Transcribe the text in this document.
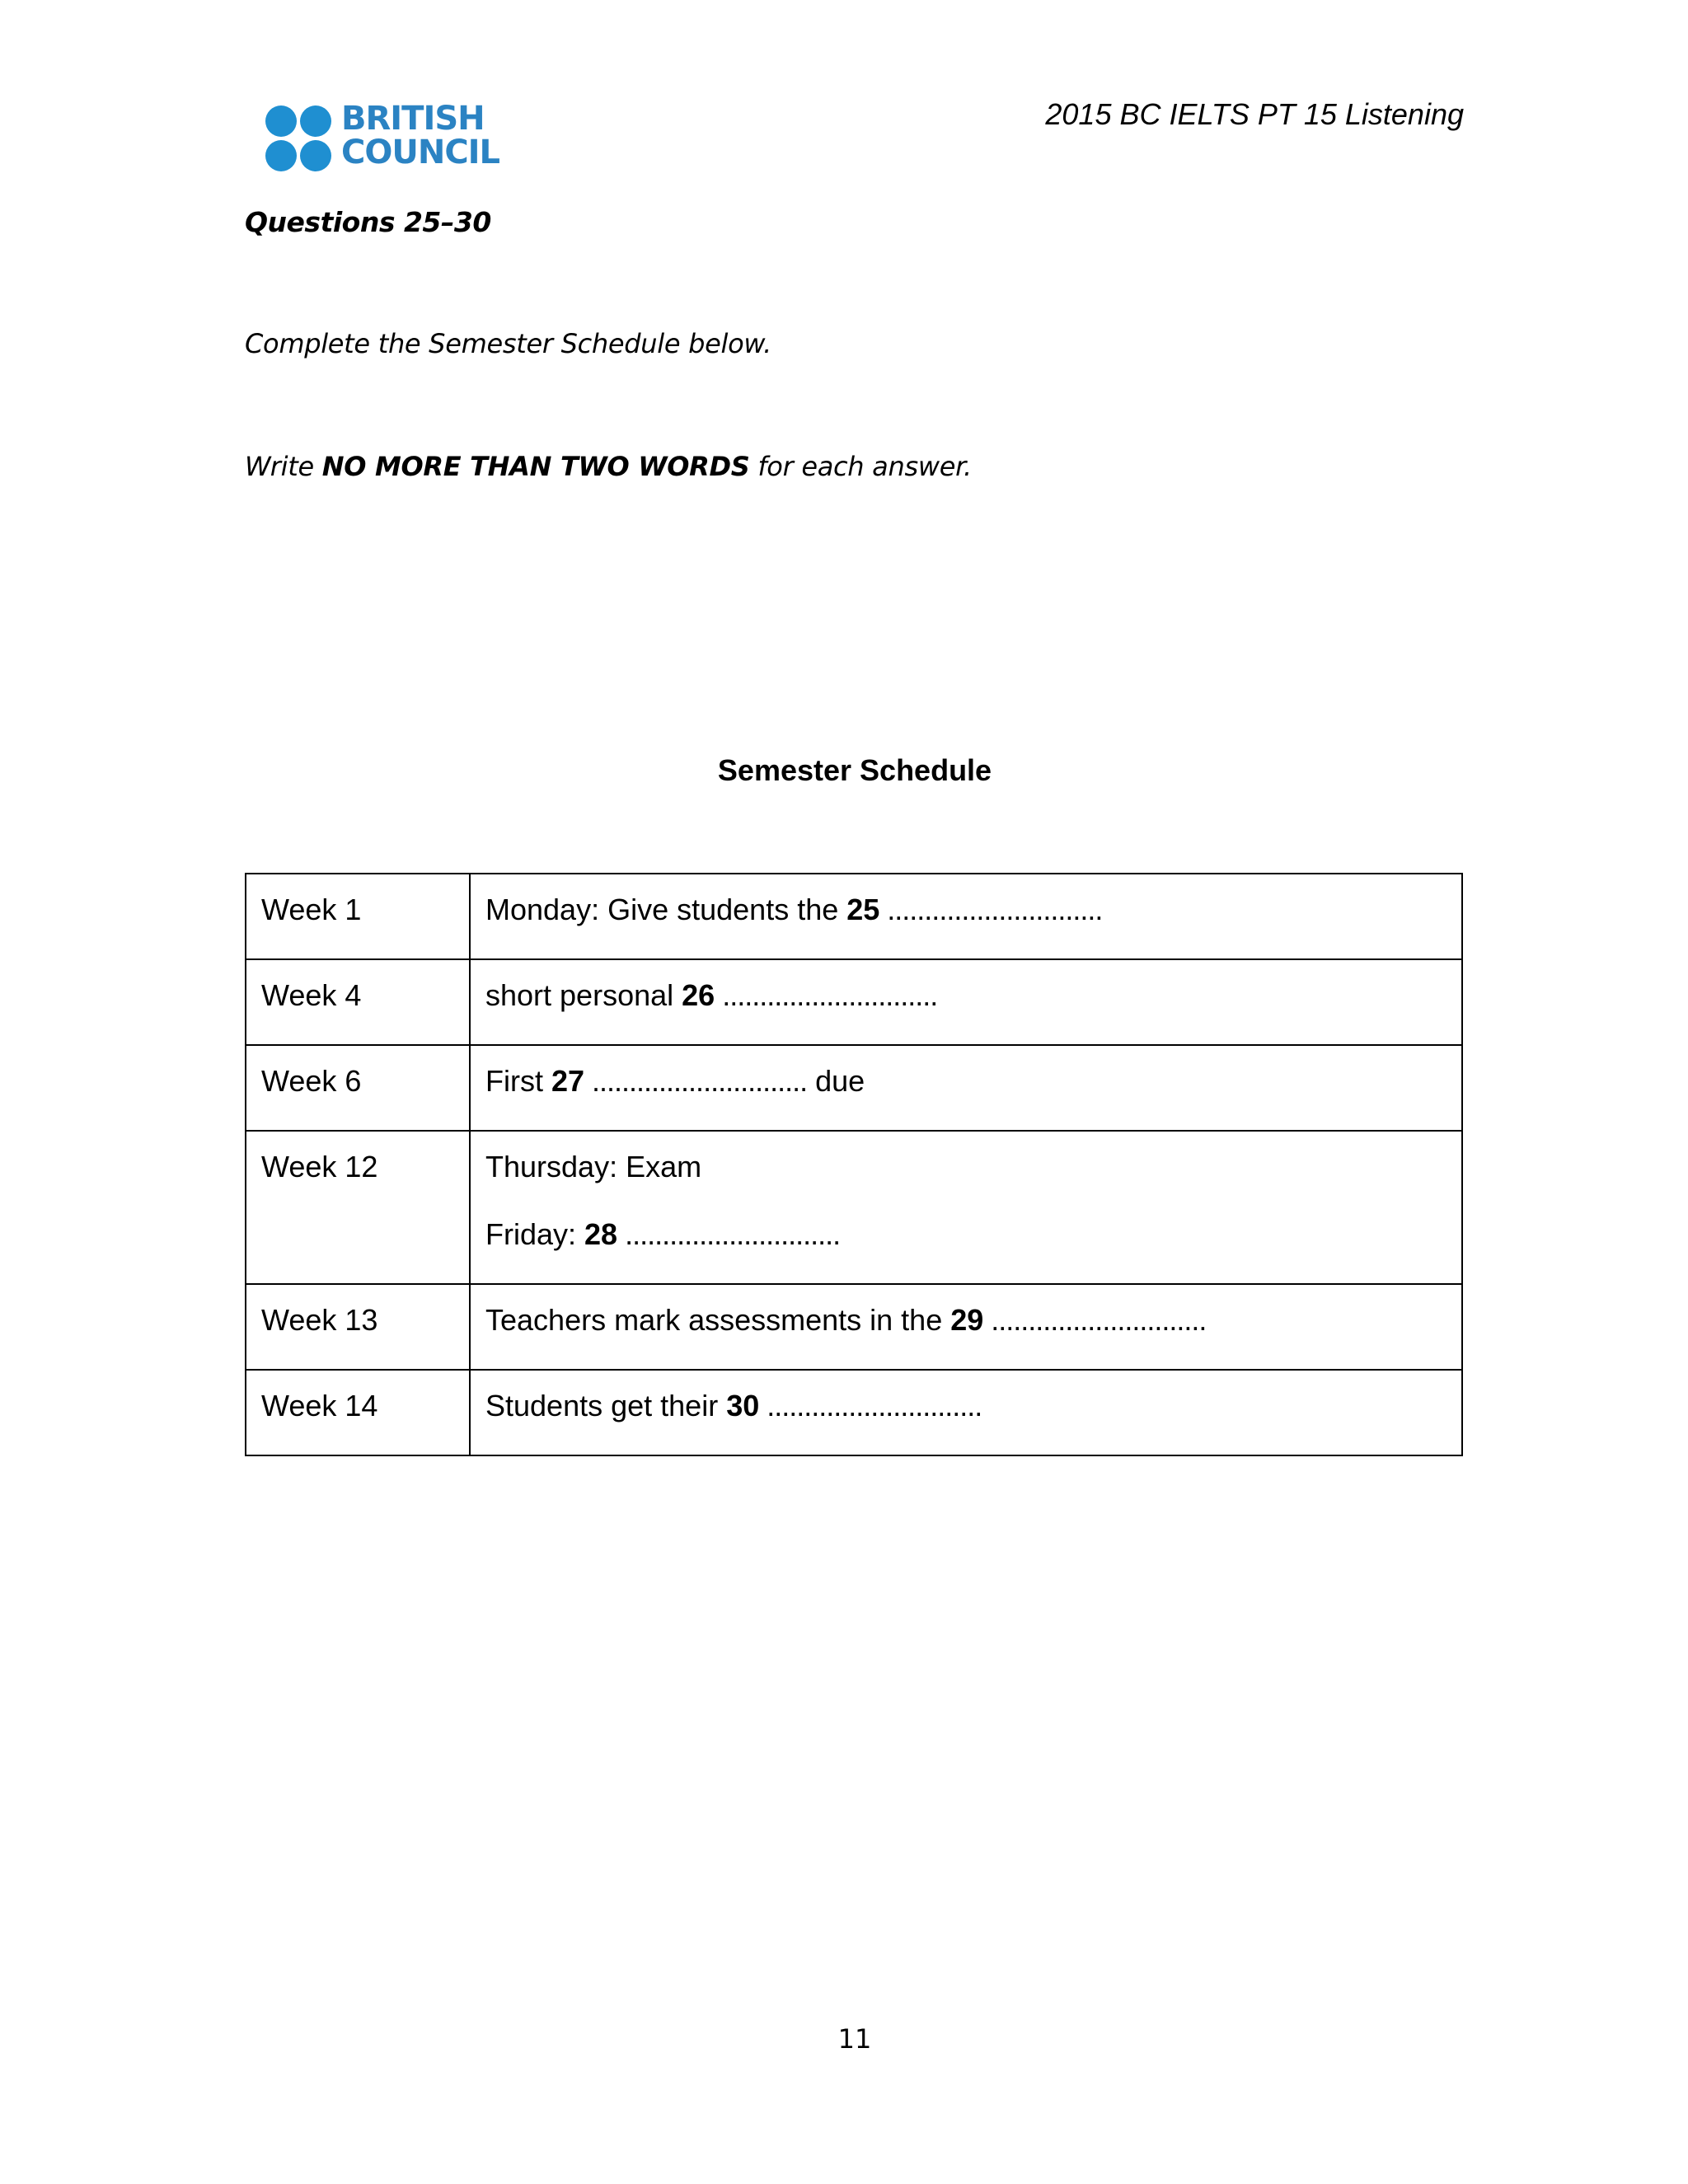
BRITISH
COUNCIL
2015 BC IELTS PT 15 Listening
Questions 25–30
Complete the Semester Schedule below.
Write NO MORE THAN TWO WORDS for each answer.
Semester Schedule
Week 1	Monday: Give students the 25 .............................
Week 4	short personal 26 .............................
Week 6	First 27 ............................. due
Week 12	Thursday: Exam
Friday: 28 .............................

Week 13	Teachers mark assessments in the 29 .............................
Week 14	Students get their 30 .............................
11
